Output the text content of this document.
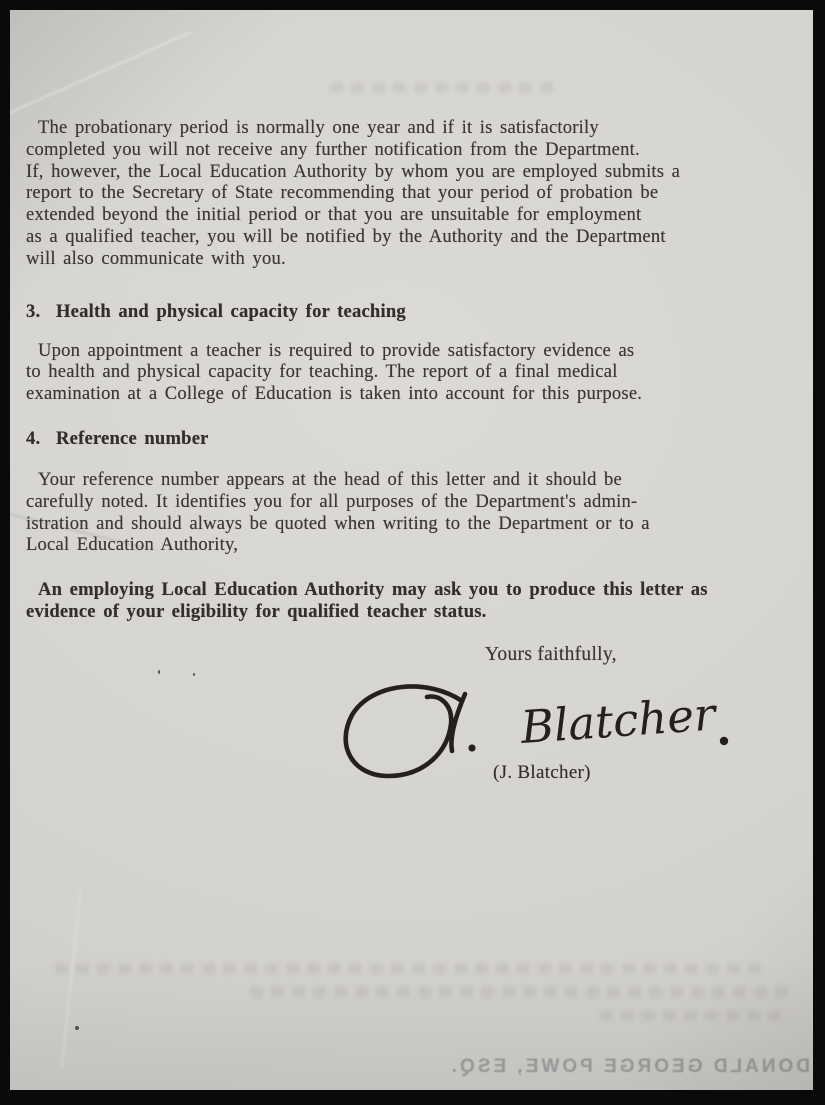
The probationary period is normally one year and if it is satisfactorily
completed you will not receive any further notification from the Department.
If, however, the Local Education Authority by whom you are employed submits a
report to the Secretary of State recommending that your period of probation be
extended beyond the initial period or that you are unsuitable for employment
as a qualified teacher, you will be notified by the Authority and the Department
will also communicate with you.
3. Health and physical capacity for teaching
Upon appointment a teacher is required to provide satisfactory evidence as
to health and physical capacity for teaching. The report of a final medical
examination at a College of Education is taken into account for this purpose.
4. Reference number
Your reference number appears at the head of this letter and it should be
carefully noted. It identifies you for all purposes of the Department's admin-
istration and should always be quoted when writing to the Department or to a
Local Education Authority,
An employing Local Education Authority may ask you to produce this letter as
evidence of your eligibility for qualified teacher status.
Yours faithfully,
Blatcher
(J. Blatcher)
DONALD GEORGE POWE, ESQ.
